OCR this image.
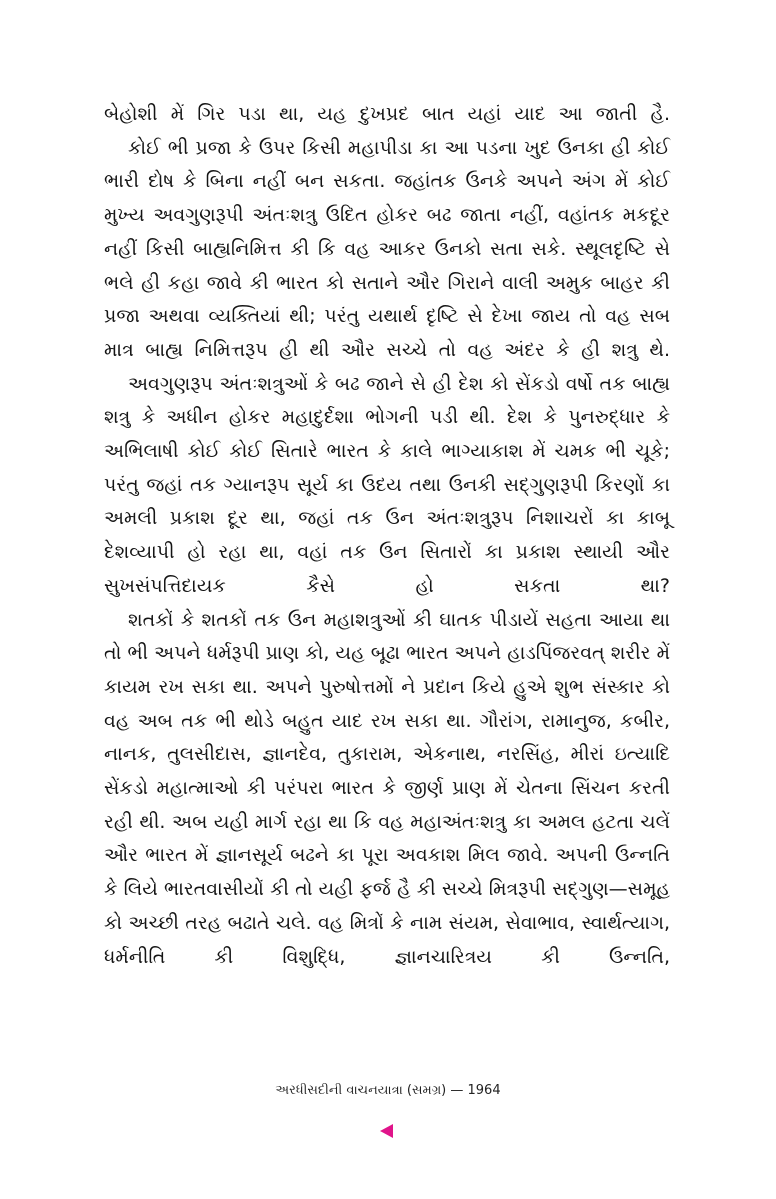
બેહોશી મેં ગિર પડા થા, યહ દુખપ્રદ બાત યહાં યાદ આ જાતી હૈ.

કોઈ ભી પ્રજા કે ઉપર કિસી મહાપીડા કા આ પડના ખુદ ઉનકા હી કોઈ ભારી દોષ કે બિના નહીં બન સકતા. જહાંતક ઉનકે અપને અંગ મેં કોઈ મુખ્ય અવગુણરૂપી અંતઃશત્રુ ઉદિત હોકર બઢ જાતા નહીં, વહાંતક મકદૂર નહીં કિસી બાહ્યનિમિત્ત કી કિ વહ આકર ઉનકો સતા સકે. સ્થૂલદૃષ્ટિ સે ભલે હી કહા જાવે કી ભારત કો સતાને ઔર ગિરાને વાલી અમુક બાહર કી પ્રજા અથવા વ્યક્તિયાં થી; પરંતુ યથાર્થ દૃષ્ટિ સે દેખા જાય તો વહ સબ માત્ર બાહ્ય નિમિત્તરૂપ હી થી ઔર સચ્ચે તો વહ અંદર કે હી શત્રુ થે.

અવગુણરૂપ અંતઃશત્રુઓં કે બઢ જાને સે હી દેશ કો સેંકડો વર્ષો તક બાહ્ય શત્રુ કે અધીન હોકર મહાદુર્દશા ભોગની પડી થી. દેશ કે પુનરુદ્ધાર કે અભિલાષી કોઈ કોઈ સિતારે ભારત કે કાલે ભાગ્યાકાશ મેં ચમક ભી ચૂકે; પરંતુ જહાં તક ગ્યાનરૂપ સૂર્ય કા ઉદય તથા ઉનકી સદ્ગુણરૂપી કિરણોં કા અમલી પ્રકાશ દૂર થા, જહાં તક ઉન અંતઃશત્રુરૂપ નિશાચરોં કા કાબૂ દેશવ્યાપી હો રહા થા, વહાં તક ઉન સિતારોં કા પ્રકાશ સ્થાયી ઔર સુખસંપત્તિદાયક કૈસે હો સકતા થા?

શતકોં કે શતકોં તક ઉન મહાશત્રુઓં કી ઘાતક પીડાયેં સહતા આયા થા તો ભી અપને ધર્મરૂપી પ્રાણ કો, યહ બૂઢા ભારત અપને હાડપિંજરવત્ શરીર મેં કાયમ રખ સકા થા. અપને પુરુષોત્તમોં ને પ્રદાન કિયે હુએ શુભ સંસ્કાર કો વહ અબ તક ભી થોડે બહુત યાદ રખ સકા થા. ગૌરાંગ, રામાનુજ, કબીર, નાનક, તુલસીદાસ, જ્ઞાનદેવ, તુકારામ, એકનાથ, નરસિંહ, મીરાં ઇત્યાદિ સેંકડો મહાત્માઓ કી પરંપરા ભારત કે જીર્ણ પ્રાણ મેં ચેતના સિંચન કરતી રહી થી. અબ યહી માર્ગ રહા થા કિ વહ મહાઅંતઃશત્રુ કા અમલ હટતા ચલેં ઔર ભારત મેં જ્ઞાનસૂર્ય બઢને કા પૂરા અવકાશ મિલ જાવે. અપની ઉન્નતિ કે લિયે ભારતવાસીયોં કી તો યહી ફર્જ હૈ કી સચ્ચે મિત્રરૂપી સદ્ગુણ—સમૂહ કો અચ્છી તરહ બઢાતે ચલે. વહ મિત્રોં કે નામ સંયમ, સેવાભાવ, સ્વાર્થત્યાગ, ધર્મનીતિ કી વિશુદ્ધિ, જ્ઞાનચારિત્રય કી ઉન્નતિ,

અરધીસદીની વાચનયાત્રા (સમગ્ર) — 1964
